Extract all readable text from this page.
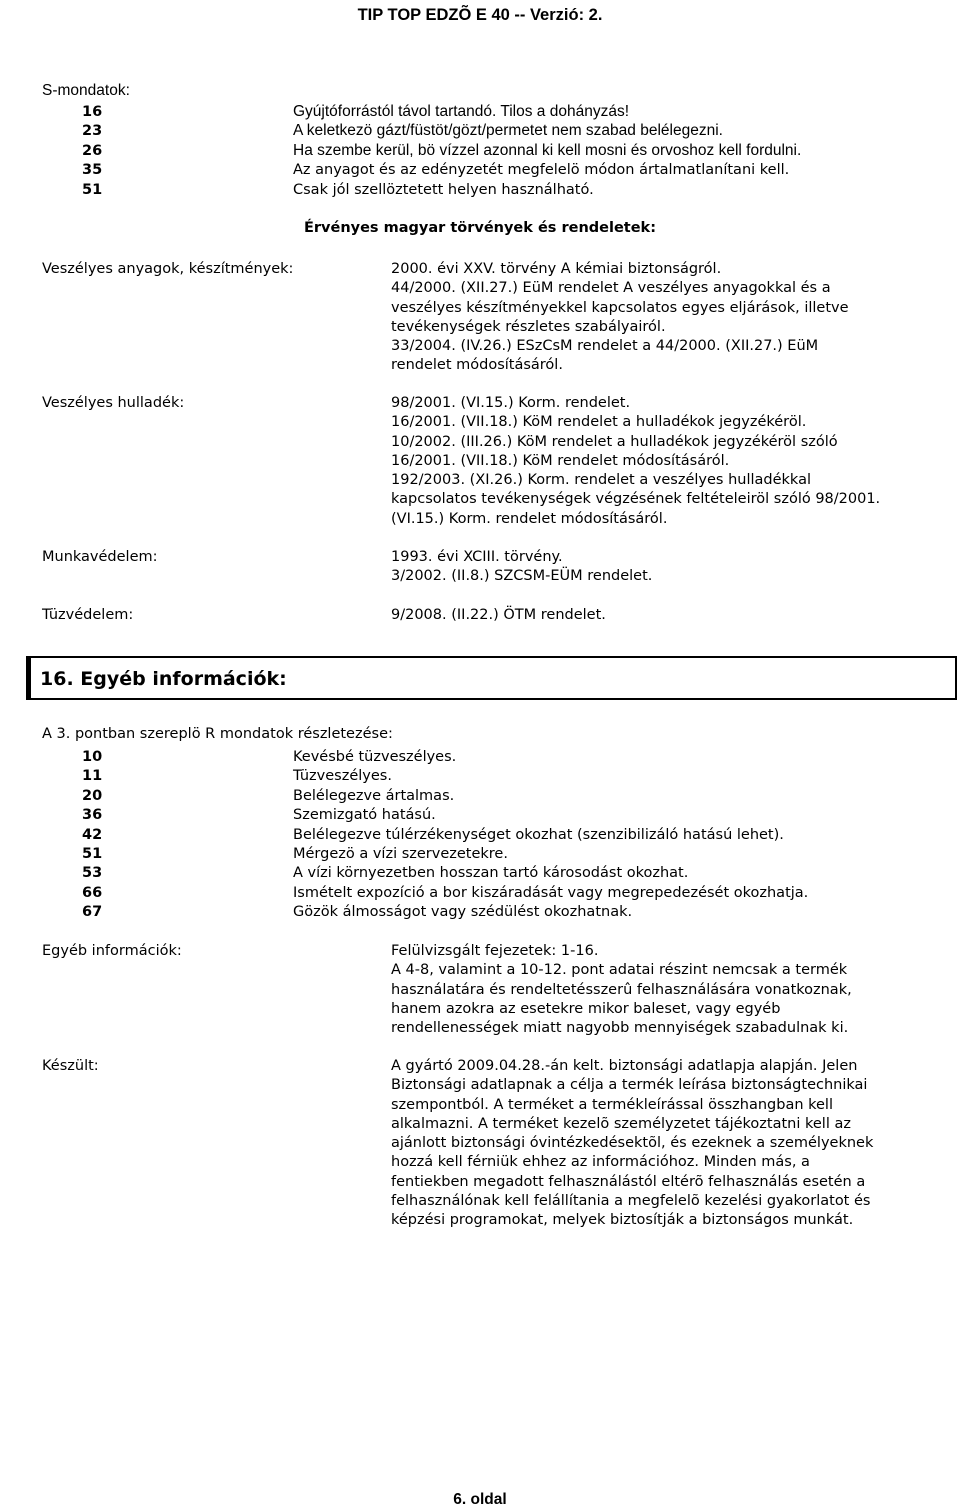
TIP TOP EDZÕ E 40 -- Verzió: 2.
S-mondatok:
16	Gyújtóforrástól távol tartandó. Tilos a dohányzás!
23	A keletkezö gázt/füstöt/gözt/permetet nem szabad belélegezni.
26	Ha szembe kerül, bö vízzel azonnal ki kell mosni és orvoshoz kell fordulni.
35	Az anyagot és az edényzetét megfelelö módon ártalmatlanítani kell.
51	Csak jól szellöztetett helyen használható.
Érvényes magyar törvények és rendeletek:
Veszélyes anyagok, készítmények:	2000. évi XXV. törvény A kémiai biztonságról.
44/2000. (XII.27.) EüM rendelet A veszélyes anyagokkal és a
veszélyes készítményekkel kapcsolatos egyes eljárások, illetve
tevékenységek részletes szabályairól.
33/2004. (IV.26.) ESzCsM rendelet a 44/2000. (XII.27.) EüM
rendelet módosításáról.
Veszélyes hulladék:	98/2001. (VI.15.) Korm. rendelet.
16/2001. (VII.18.) KöM rendelet a hulladékok jegyzékéröl.
10/2002. (III.26.) KöM rendelet a hulladékok jegyzékéröl szóló
16/2001. (VII.18.) KöM rendelet módosításáról.
192/2003. (XI.26.) Korm. rendelet a veszélyes hulladékkal
kapcsolatos tevékenységek végzésének feltételeiröl szóló 98/2001.
(VI.15.) Korm. rendelet módosításáról.
Munkavédelem:	1993. évi XCIII. törvény.
3/2002. (II.8.) SZCSM-EÜM rendelet.
Tüzvédelem:	9/2008. (II.22.) ÖTM rendelet.
16. Egyéb információk:
A 3. pontban szereplö R mondatok részletezése:
10	Kevésbé tüzveszélyes.
11	Tüzveszélyes.
20	Belélegezve ártalmas.
36	Szemizgató hatású.
42	Belélegezve túlérzékenységet okozhat (szenzibilizáló hatású lehet).
51	Mérgezö a vízi szervezetekre.
53	A vízi környezetben hosszan tartó károsodást okozhat.
66	Ismételt expozíció a bor kiszáradását vagy megrepedezését okozhatja.
67	Gözök álmosságot vagy szédülést okozhatnak.
Egyéb információk:	Felülvizsgált fejezetek: 1-16.
A 4-8, valamint a 10-12. pont adatai részint nemcsak a termék
használatára és rendeltetésszerû felhasználására vonatkoznak,
hanem azokra az esetekre mikor baleset, vagy egyéb
rendellenességek miatt nagyobb mennyiségek szabadulnak ki.
Készült:	A gyártó 2009.04.28.-án kelt. biztonsági adatlapja alapján. Jelen
Biztonsági adatlapnak a célja a termék leírása biztonságtechnikai
szempontból. A terméket a termékleírással összhangban kell
alkalmazni. A terméket kezelõ személyzetet tájékoztatni kell az
ajánlott biztonsági óvintézkedésektõl, és ezeknek a személyeknek
hozzá kell férniük ehhez az információhoz. Minden más, a
fentiekben megadott felhasználástól eltérõ felhasználás esetén a
felhasználónak kell felállítania a megfelelõ kezelési gyakorlatot és
képzési programokat, melyek biztosítják a biztonságos munkát.
6. oldal
